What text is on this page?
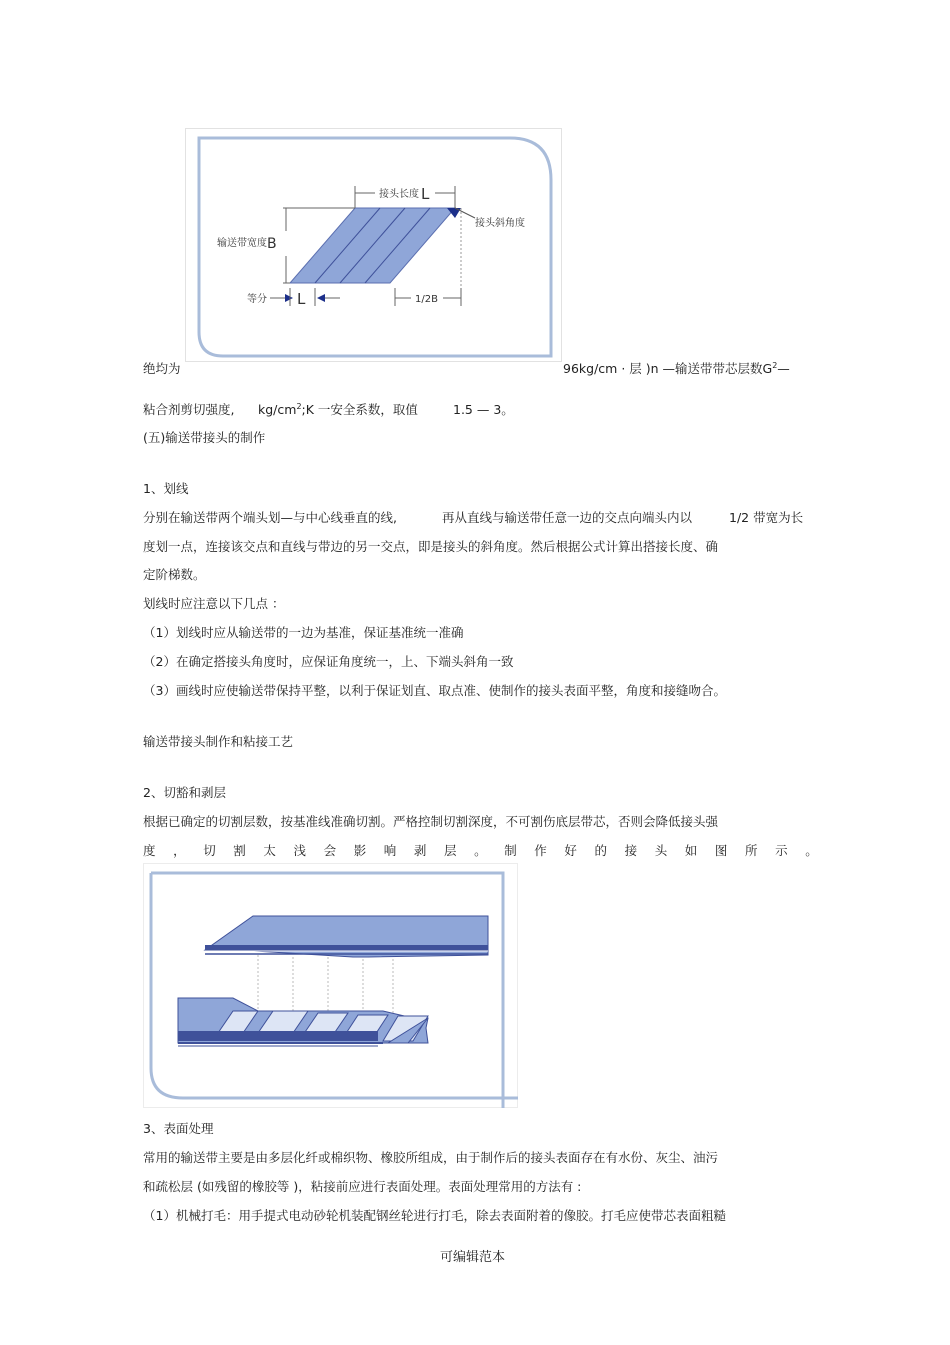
接头长度 L
接头斜角度
输送带宽度 B
等分 L	1/2B
绝均为	96kg/cm · 层 )n —输送带带芯层数$G^2—$
粘合剂剪切强度, $kg/cm^2;K$ 一安全系数，取值	1.5 — 3。
(五)输送带接头的制作
1、划线
分别在输送带两个端头划—与中心线垂直的线,	再从直线与输送带任意一边的交点向端头内以	1/2 带宽为长
度划一点，连接该交点和直线与带边的另一交点，即是接头的斜角度。然后根据公式计算出搭接长度、确
定阶梯数。
划线时应注意以下几点 ：
（1）划线时应从输送带的一边为基准，保证基准统一准确
（2）在确定搭接头角度时，应保证角度统一，上、下端头斜角一致
（3）画线时应使输送带保持平整，以利于保证划直、取点准、使制作的接头表面平整，角度和接缝吻合。
输送带接头制作和粘接工艺
2、切豁和剥层
根据已确定的切割层数，按基准线准确切割。严格控制切割深度，不可割伤底层带芯，否则会降低接头强
度，切割太浅会影响剥层。制作好的接头如图所示。
3、表面处理
常用的输送带主要是由多层化纤或棉织物、橡胶所组成，由于制作后的接头表面存在有水份、灰尘、油污
和疏松层 (如残留的橡胶等 )，粘接前应进行表面处理。表面处理常用的方法有 :
（1）机械打毛：用手提式电动砂轮机装配钢丝轮进行打毛，除去表面附着的像胶。打毛应使带芯表面粗糙
可编辑范本
